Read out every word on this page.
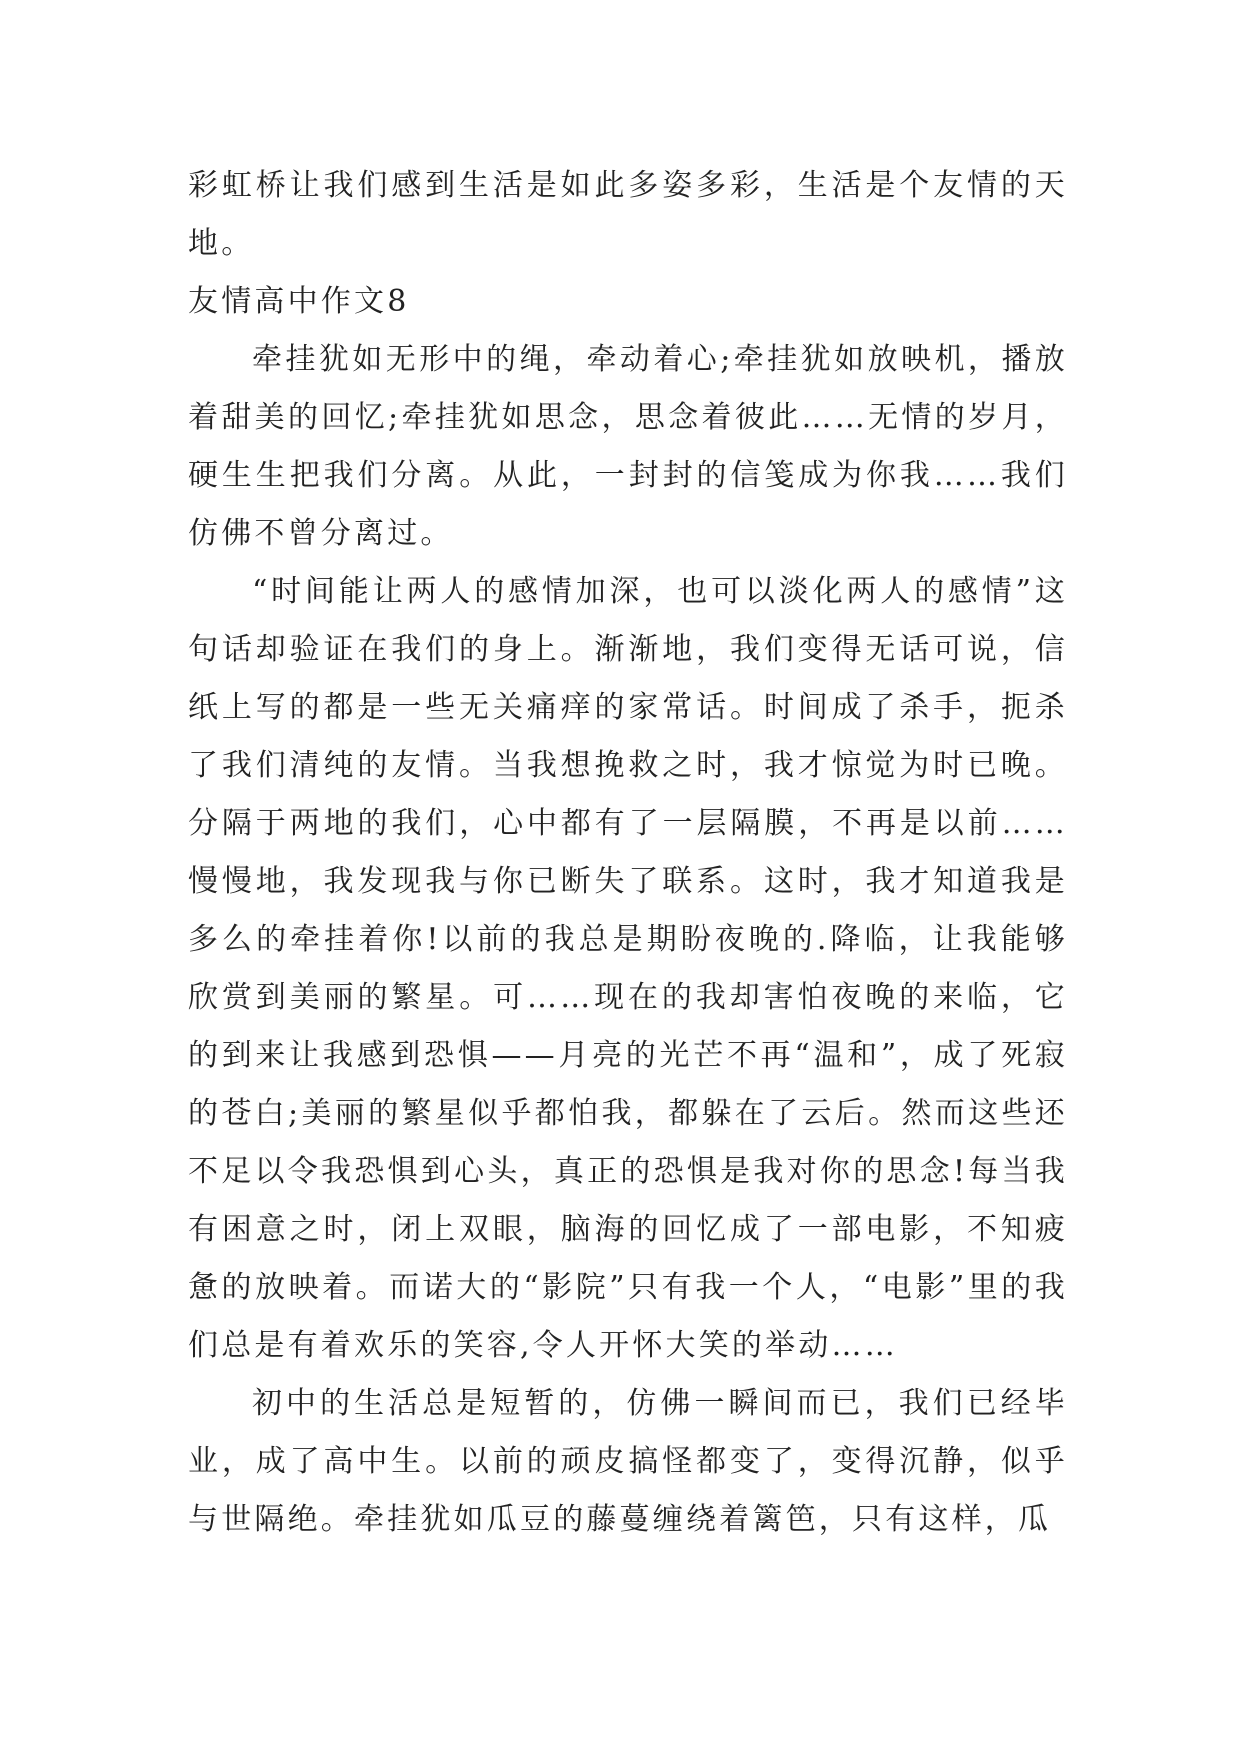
彩虹桥让我们感到生活是如此多姿多彩，生活是个友情的天地。

友情高中作文8

牵挂犹如无形中的绳，牵动着心;牵挂犹如放映机，播放着甜美的回忆;牵挂犹如思念，思念着彼此……无情的岁月，硬生生把我们分离。从此，一封封的信笺成为你我……我们仿佛不曾分离过。

“时间能让两人的感情加深，也可以淡化两人的感情”这句话却验证在我们的身上。渐渐地，我们变得无话可说，信纸上写的都是一些无关痛痒的家常话。时间成了杀手，扼杀了我们清纯的友情。当我想挽救之时，我才惊觉为时已晚。分隔于两地的我们，心中都有了一层隔膜，不再是以前……慢慢地，我发现我与你已断失了联系。这时，我才知道我是多么的牵挂着你!以前的我总是期盼夜晚的.降临，让我能够欣赏到美丽的繁星。可……现在的我却害怕夜晚的来临，它的到来让我感到恐惧——月亮的光芒不再“温和”，成了死寂的苍白;美丽的繁星似乎都怕我，都躲在了云后。然而这些还不足以令我恐惧到心头，真正的恐惧是我对你的思念!每当我有困意之时，闭上双眼，脑海的回忆成了一部电影，不知疲惫的放映着。而诺大的“影院”只有我一个人，“电影”里的我们总是有着欢乐的笑容,令人开怀大笑的举动……

初中的生活总是短暂的，仿佛一瞬间而已，我们已经毕业，成了高中生。以前的顽皮搞怪都变了，变得沉静，似乎与世隔绝。牵挂犹如瓜豆的藤蔓缠绕着篱笆，只有这样，瓜
